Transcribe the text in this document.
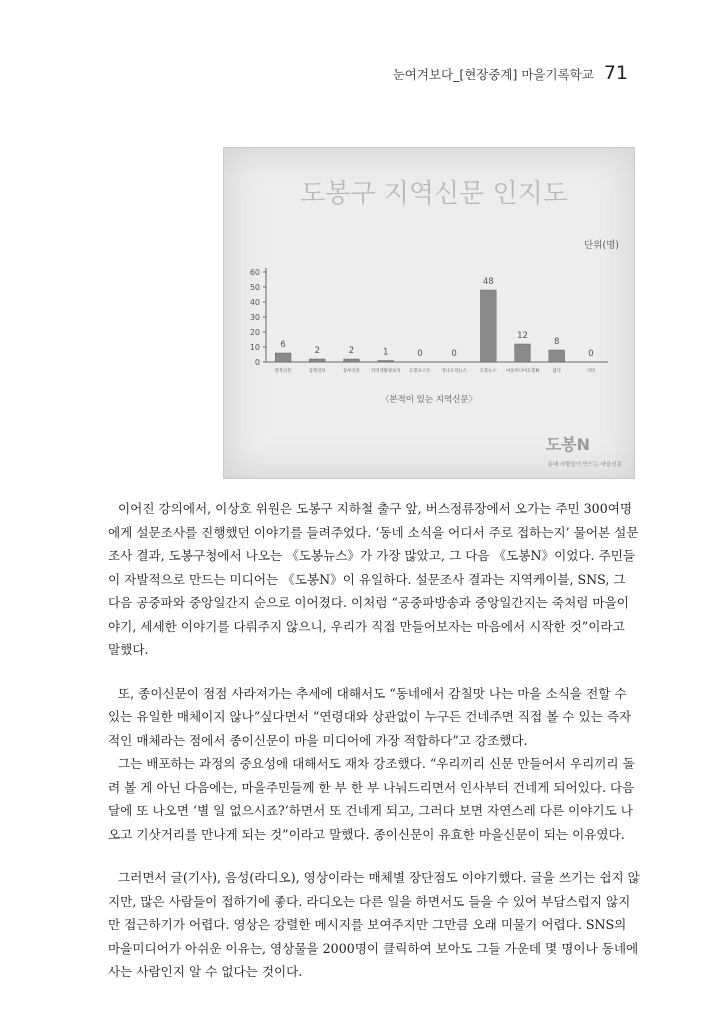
눈여겨보다_[현장중계] 마을기록학교 71
도봉구 지역신문 인지도
단위(명)
0
10
20
30
40
50
60
6
강북신문
2
동북일보
2
동부신문
1
지역생활정보지
0
도봉포스트
0
지나오리뉴스
48
도봉뉴스
12
마을미디어도봉N
8
없다
0
기타
〈본적이 있는 지역신문〉
도봉N
동네 사람들이 만드는 마을신문

이어진 강의에서, 이상호 위원은 도봉구 지하철 출구 앞, 버스정류장에서 오가는 주민 300여명에게 설문조사를 진행했던 이야기를 들려주었다. ‘동네 소식을 어디서 주로 접하는지’ 물어본 설문조사 결과, 도봉구청에서 나오는 《도봉뉴스》가 가장 많았고, 그 다음 《도봉N》이었다. 주민들이 자발적으로 만드는 미디어는 《도봉N》이 유일하다. 설문조사 결과는 지역케이블, SNS, 그 다음 공중파와 중앙일간지 순으로 이어졌다. 이처럼 “공중파방송과 중앙일간지는 죽처럼 마을이야기, 세세한 이야기를 다뤄주지 않으니, 우리가 직접 만들어보자는 마음에서 시작한 것”이라고 말했다.

또, 종이신문이 점점 사라져가는 추세에 대해서도 “동네에서 감칠맛 나는 마을 소식을 전할 수 있는 유일한 매체이지 않나”싶다면서 “연령대와 상관없이 누구든 건네주면 직접 볼 수 있는 즉자적인 매체라는 점에서 종이신문이 마을 미디어에 가장 적합하다”고 강조했다.

그는 배포하는 과정의 중요성에 대해서도 재차 강조했다. “우리끼리 신문 만들어서 우리끼리 돌려 볼 게 아닌 다음에는, 마을주민들께 한 부 한 부 나눠드리면서 인사부터 건네게 되어있다. 다음 달에 또 나오면 ‘별 일 없으시죠?’하면서 또 건네게 되고, 그러다 보면 자연스레 다른 이야기도 나오고 기삿거리를 만나게 되는 것”이라고 말했다. 종이신문이 유효한 마을신문이 되는 이유였다.

그러면서 글(기사), 음성(라디오), 영상이라는 매체별 장단점도 이야기했다. 글을 쓰기는 쉽지 않지만, 많은 사람들이 접하기에 좋다. 라디오는 다른 일을 하면서도 들을 수 있어 부담스럽지 않지만 접근하기가 어렵다. 영상은 강렬한 메시지를 보여주지만 그만큼 오래 미물기 어렵다. SNS의 마을미디어가 아쉬운 이유는, 영상물을 2000명이 클릭하여 보아도 그들 가운데 몇 명이나 동네에 사는 사람인지 알 수 없다는 것이다.
